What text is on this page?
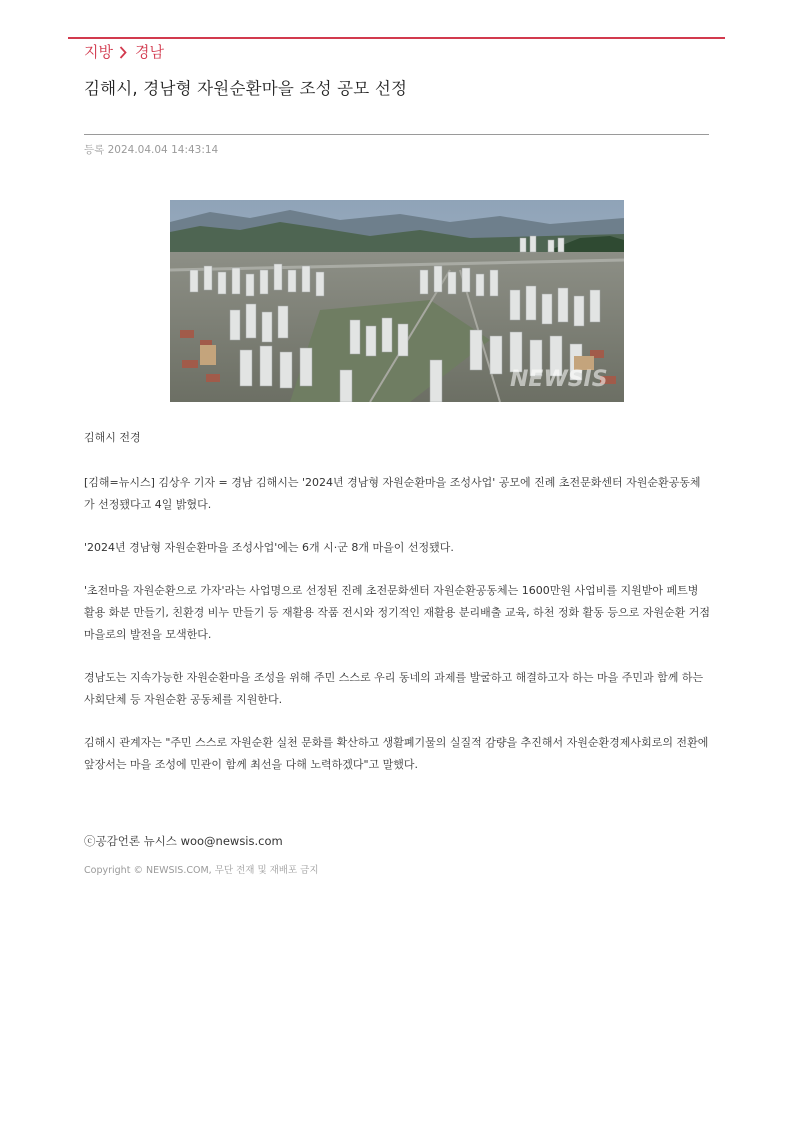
지방 경남
김해시, 경남형 자원순환마을 조성 공모 선정
등록 2024.04.04 14:43:14
NEWSIS
김해시 전경

[김해=뉴시스] 김상우 기자 = 경남 김해시는 '2024년 경남형 자원순환마을 조성사업' 공모에 진례 초전문화센터 자원순환공동체가 선정됐다고 4일 밝혔다.

'2024년 경남형 자원순환마을 조성사업'에는 6개 시·군 8개 마을이 선정됐다.

'초전마을 자원순환으로 가자'라는 사업명으로 선정된 진례 초전문화센터 자원순환공동체는 1600만원 사업비를 지원받아 페트병 활용 화분 만들기, 친환경 비누 만들기 등 재활용 작품 전시와 정기적인 재활용 분리배출 교육, 하천 정화 활동 등으로 자원순환 거점 마을로의 발전을 모색한다.

경남도는 지속가능한 자원순환마을 조성을 위해 주민 스스로 우리 동네의 과제를 발굴하고 해결하고자 하는 마을 주민과 함께 하는 사회단체 등 자원순환 공동체를 지원한다.

김해시 관계자는 "주민 스스로 자원순환 실천 문화를 확산하고 생활폐기물의 실질적 감량을 추진해서 자원순환경제사회로의 전환에 앞장서는 마을 조성에 민관이 함께 최선을 다해 노력하겠다"고 말했다.

ⓒ공감언론 뉴시스 woo@newsis.com
Copyright © NEWSIS.COM, 무단 전재 및 재배포 금지
